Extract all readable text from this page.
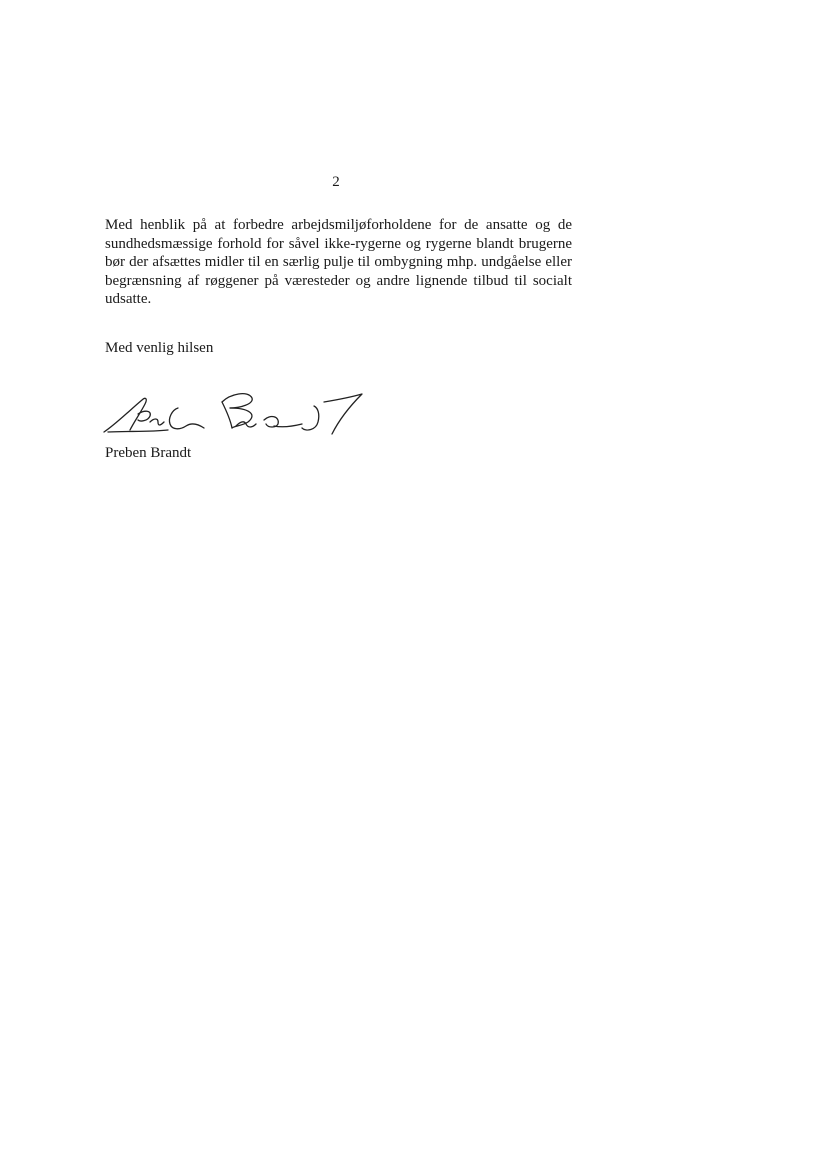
2

Med henblik på at forbedre arbejdsmiljøforholdene for de ansatte og de
sundhedsmæssige forhold for såvel ikke-rygerne og rygerne blandt brugerne
bør der afsættes midler til en særlig pulje til ombygning mhp. undgåelse eller
begrænsning af røggener på væresteder og andre lignende tilbud til socialt
udsatte.

Med venlig hilsen
Preben Brandt
